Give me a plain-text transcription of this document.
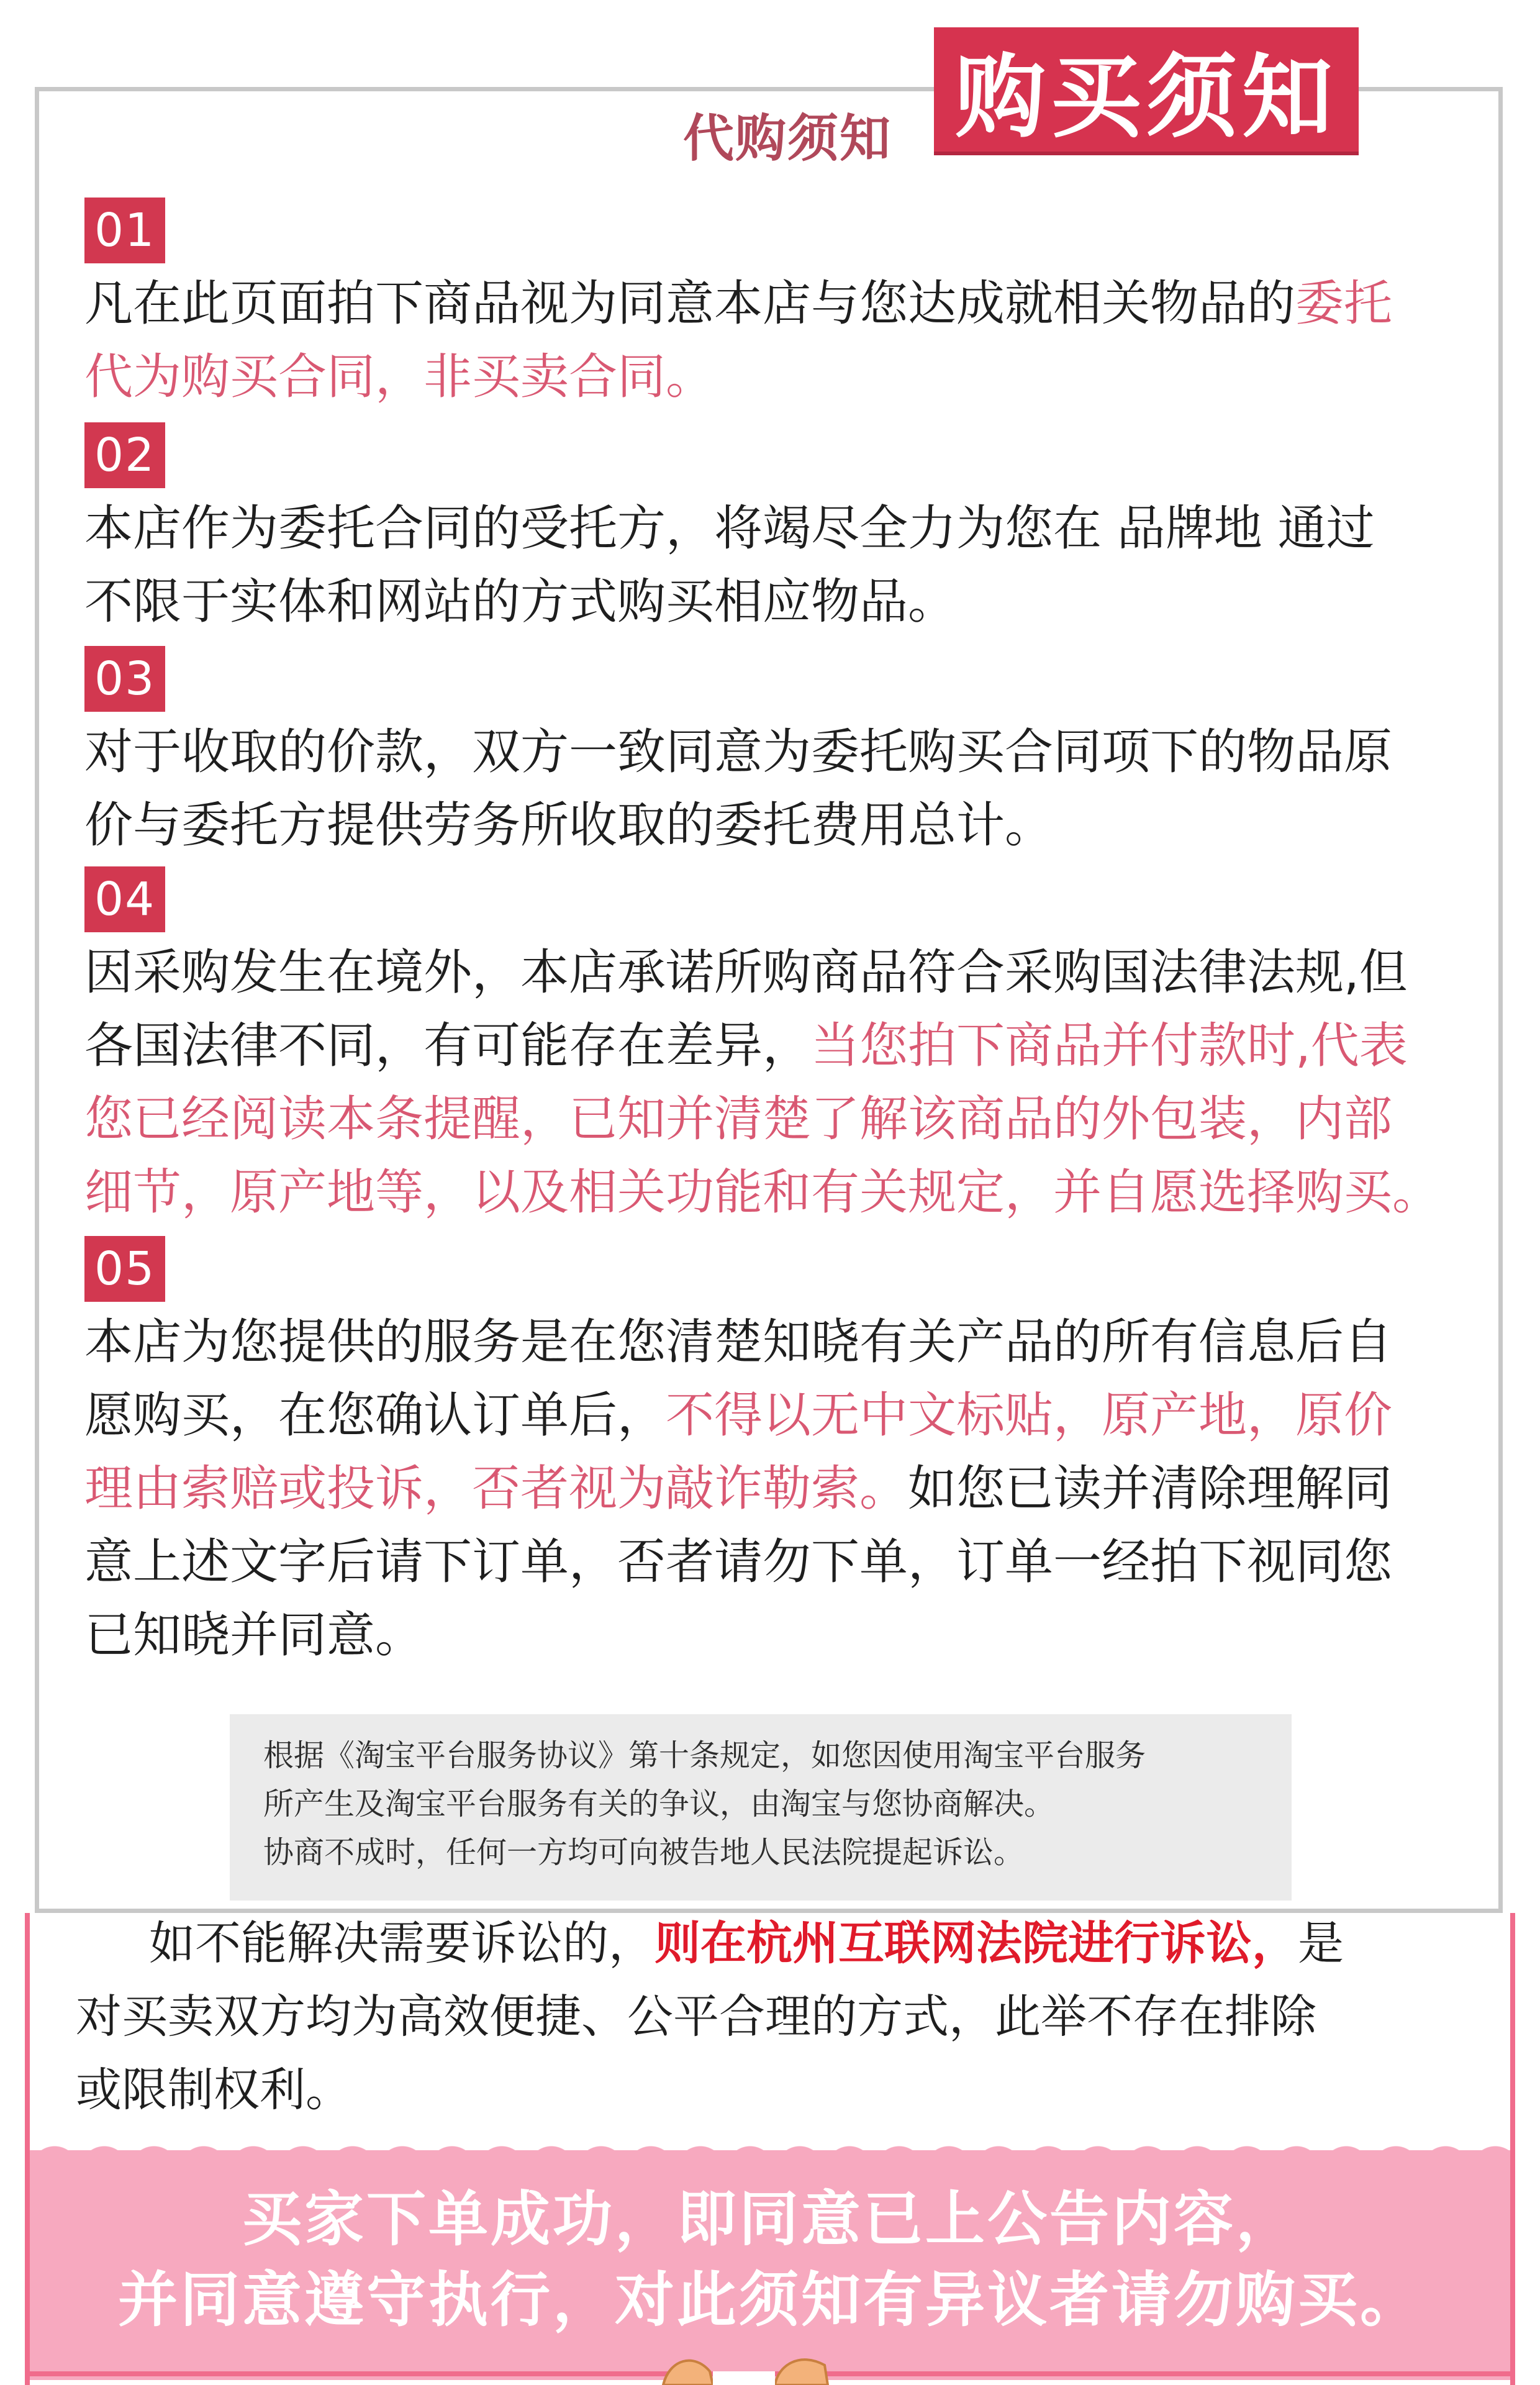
代购须知 购买须知
01
凡在此页面拍下商品视为同意本店与您达成就相关物品的委托
代为购买合同，非买卖合同。
02
本店作为委托合同的受托方，将竭尽全力为您在 品牌地 通过
不限于实体和网站的方式购买相应物品。
03
对于收取的价款，双方一致同意为委托购买合同项下的物品原
价与委托方提供劳务所收取的委托费用总计。
04
因采购发生在境外，本店承诺所购商品符合采购国法律法规,但
各国法律不同，有可能存在差异，当您拍下商品并付款时,代表
您已经阅读本条提醒，已知并清楚了解该商品的外包装，内部
细节，原产地等，以及相关功能和有关规定，并自愿选择购买。
05
本店为您提供的服务是在您清楚知晓有关产品的所有信息后自
愿购买，在您确认订单后，不得以无中文标贴，原产地，原价
理由索赔或投诉，否者视为敲诈勒索。如您已读并清除理解同
意上述文字后请下订单，否者请勿下单，订单一经拍下视同您
已知晓并同意。
根据《淘宝平台服务协议》第十条规定，如您因使用淘宝平台服务
所产生及淘宝平台服务有关的争议，由淘宝与您协商解决。
协商不成时，任何一方均可向被告地人民法院提起诉讼。
如不能解决需要诉讼的，则在杭州互联网法院进行诉讼，是
对买卖双方均为高效便捷、公平合理的方式，此举不存在排除
或限制权利。
买家下单成功，即同意已上公告内容，
并同意遵守执行，对此须知有异议者请勿购买。
